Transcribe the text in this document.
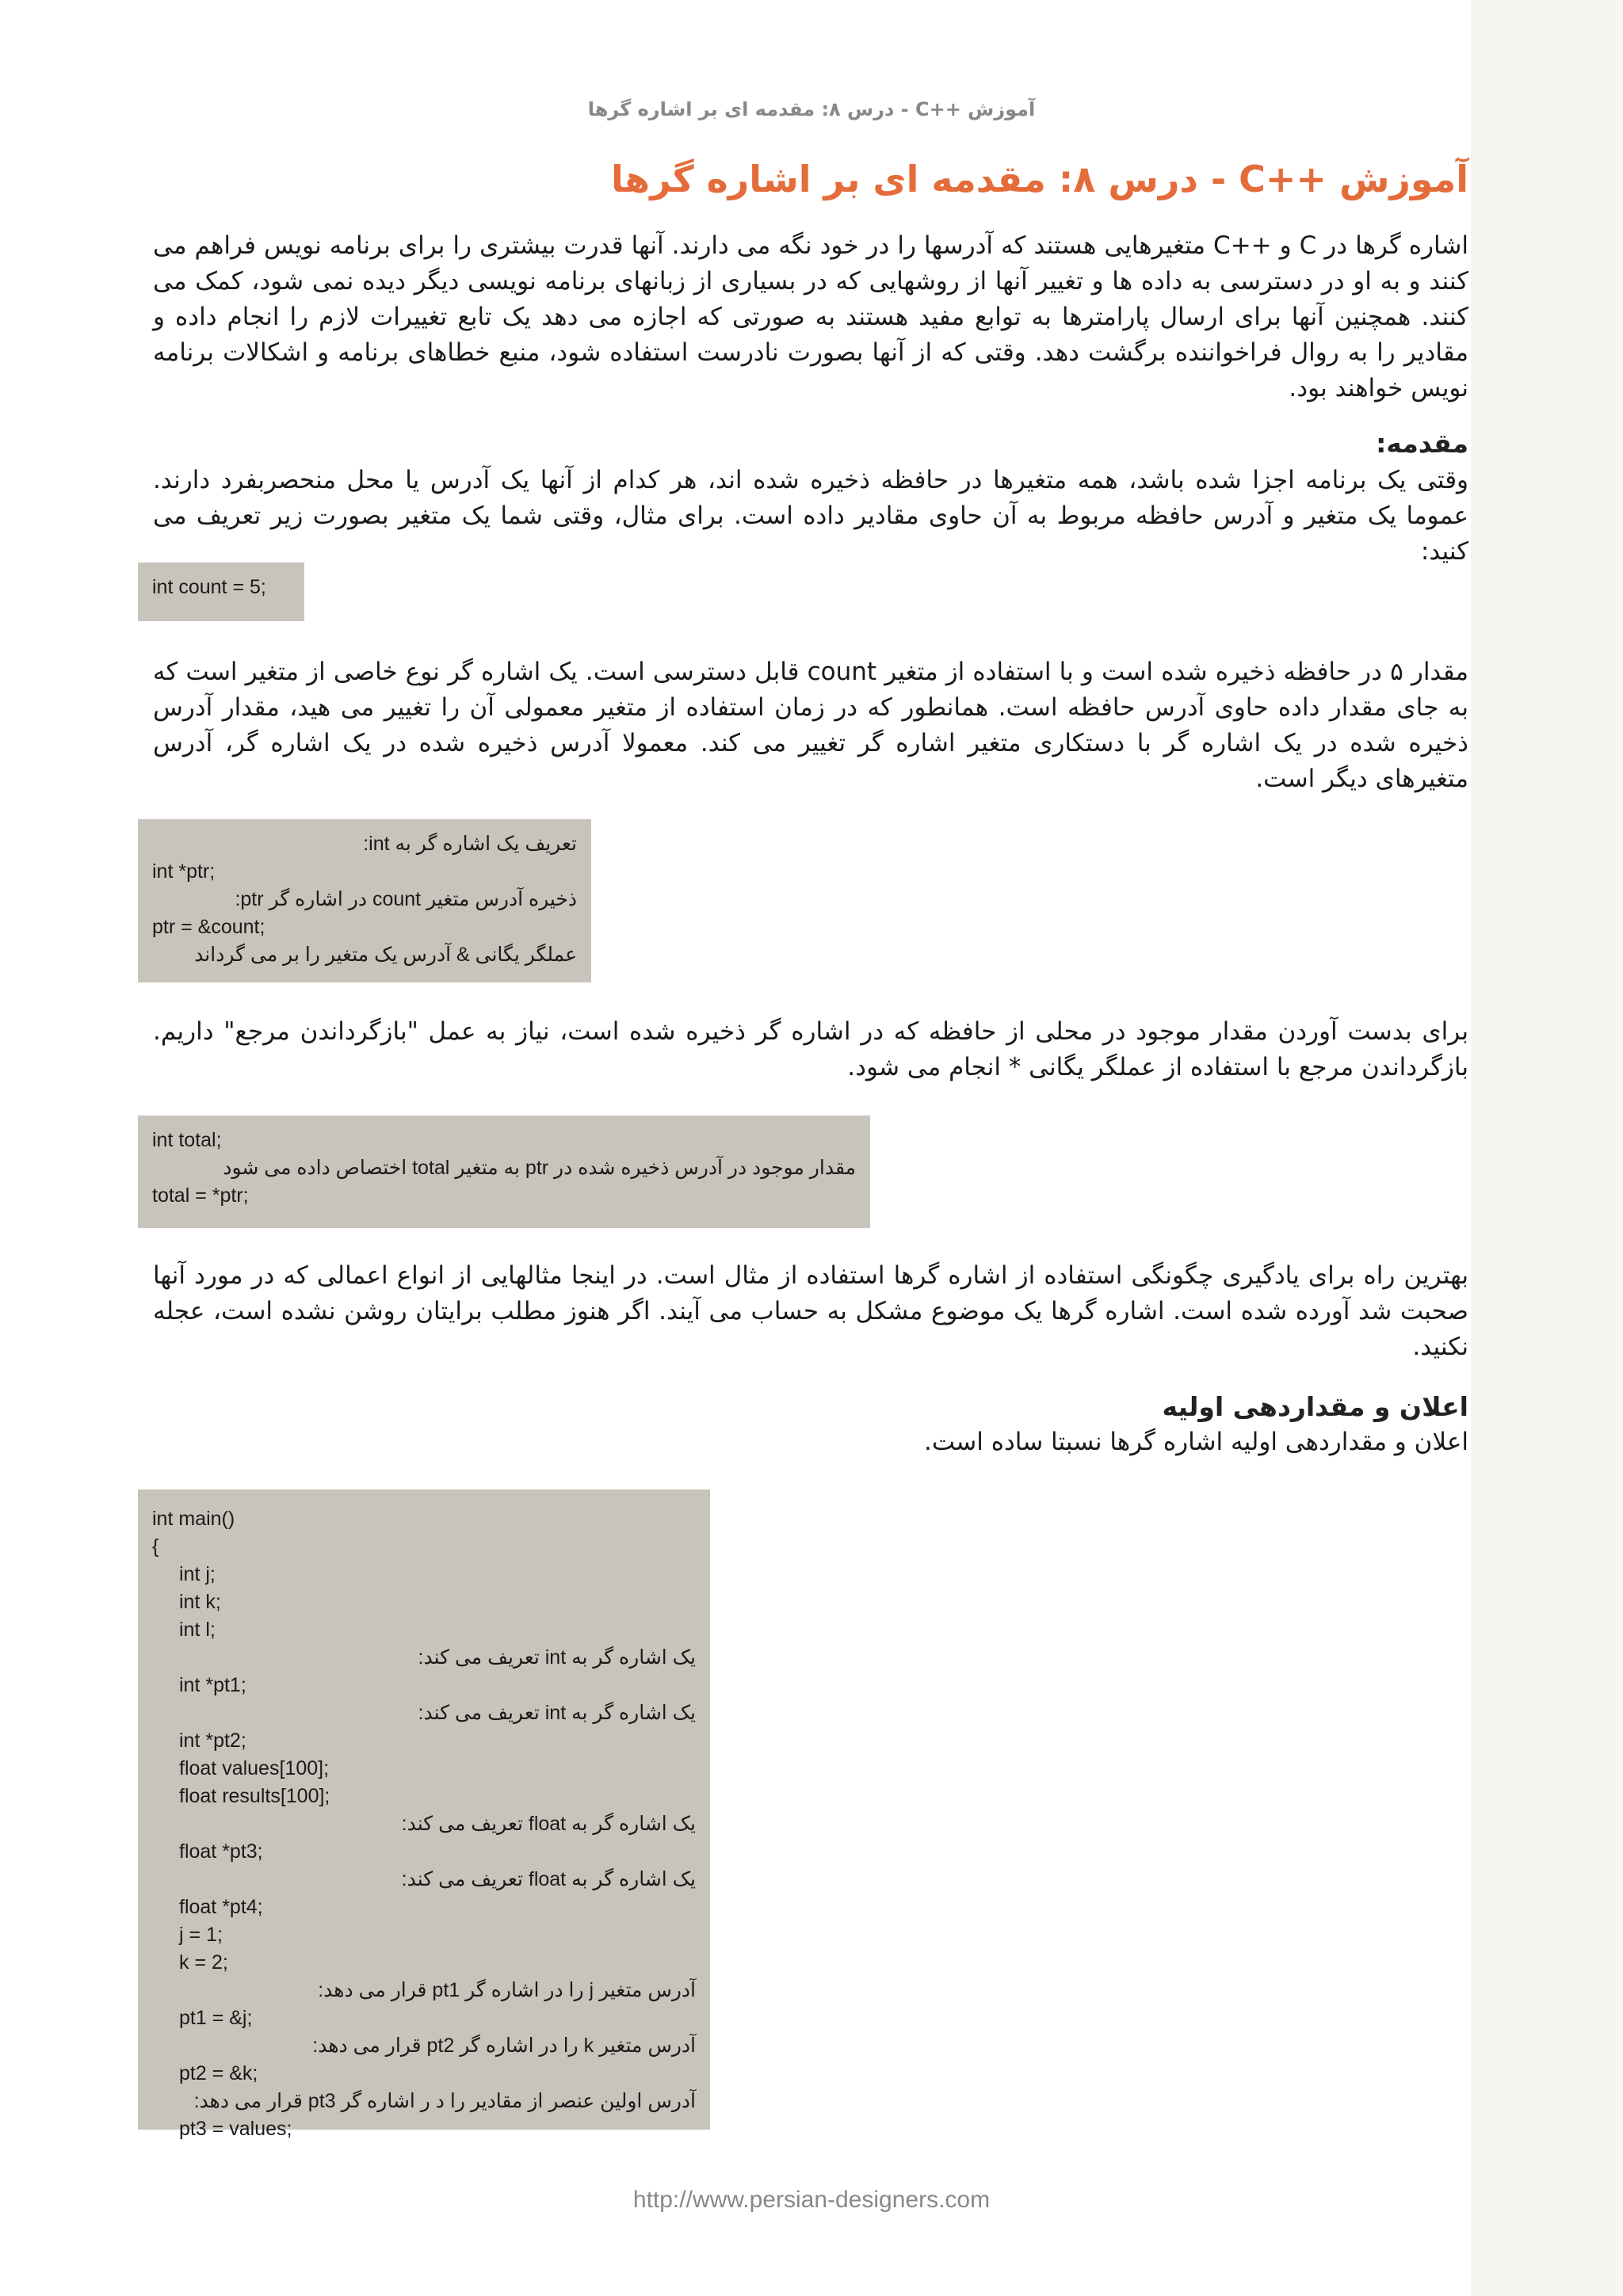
آموزش ++C - درس ۸: مقدمه ای بر اشاره گرها
آموزش ++C - درس ۸: مقدمه ای بر اشاره گرها
اشاره گرها در C و ++C متغیرهایی هستند که آدرسها را در خود نگه می دارند. آنها قدرت بیشتری را برای برنامه نویس فراهم می کنند و به او در دسترسی به داده ها و تغییر آنها از روشهایی که در بسیاری از زبانهای برنامه نویسی دیگر دیده نمی شود، کمک می کنند. همچنین آنها برای ارسال پارامترها به توابع مفید هستند به صورتی که اجازه می دهد یک تابع تغییرات لازم را انجام داده و مقادیر را به روال فراخواننده برگشت دهد. وقتی که از آنها بصورت نادرست استفاده شود، منبع خطاهای برنامه و اشکالات برنامه نویس خواهند بود.
مقدمه:
وقتی یک برنامه اجزا شده باشد، همه متغیرها در حافظه ذخیره شده اند، هر کدام از آنها یک آدرس یا محل منحصربفرد دارند. عموما یک متغیر و آدرس حافظه مربوط به آن حاوی مقادیر داده است. برای مثال، وقتی شما یک متغیر بصورت زیر تعریف می کنید:
int count = 5;
مقدار ۵ در حافظه ذخیره شده است و با استفاده از متغیر count قابل دسترسی است. یک اشاره گر نوع خاصی از متغیر است که به جای مقدار داده حاوی آدرس حافظه است. همانطور که در زمان استفاده از متغیر معمولی آن را تغییر می هید، مقدار آدرس ذخیره شده در یک اشاره گر با دستکاری متغیر اشاره گر تغییر می کند. معمولا آدرس ذخیره شده در یک اشاره گر، آدرس متغیرهای دیگر است.
تعریف یک اشاره گر به int:
int *ptr;
ذخیره آدرس متغیر count در اشاره گر ptr:
ptr = &count;
عملگر یگانی & آدرس یک متغیر را بر می گرداند
برای بدست آوردن مقدار موجود در محلی از حافظه که در اشاره گر ذخیره شده است، نیاز به عمل "بازگرداندن مرجع" داریم. بازگرداندن مرجع با استفاده از عملگر یگانی * انجام می شود.
int total;
مقدار موجود در آدرس ذخیره شده در ptr به متغیر total اختصاص داده می شود
total = *ptr;
بهترین راه برای یادگیری چگونگی استفاده از اشاره گرها استفاده از مثال است. در اینجا مثالهایی از انواع اعمالی که در مورد آنها صحبت شد آورده شده است. اشاره گرها یک موضوع مشکل به حساب می آیند. اگر هنوز مطلب برایتان روشن نشده است، عجله نکنید.
اعلان و مقداردهی اولیه
اعلان و مقداردهی اولیه اشاره گرها نسبتا ساده است.
int main()
{
int j;
int k;
int l;
یک اشاره گر به int تعریف می کند:
int *pt1;
یک اشاره گر به int تعریف می کند:
int *pt2;
float values[100];
float results[100];
یک اشاره گر به float تعریف می کند:
float *pt3;
یک اشاره گر به float تعریف می کند:
float *pt4;
j = 1;
k = 2;
آدرس متغیر j را در اشاره گر pt1 قرار می دهد:
pt1 = &j;
آدرس متغیر k را در اشاره گر pt2 قرار می دهد:
pt2 = &k;
آدرس اولین عنصر از مقادیر را د ر اشاره گر pt3 قرار می دهد:
pt3 = values;
http://www.persian-designers.com
